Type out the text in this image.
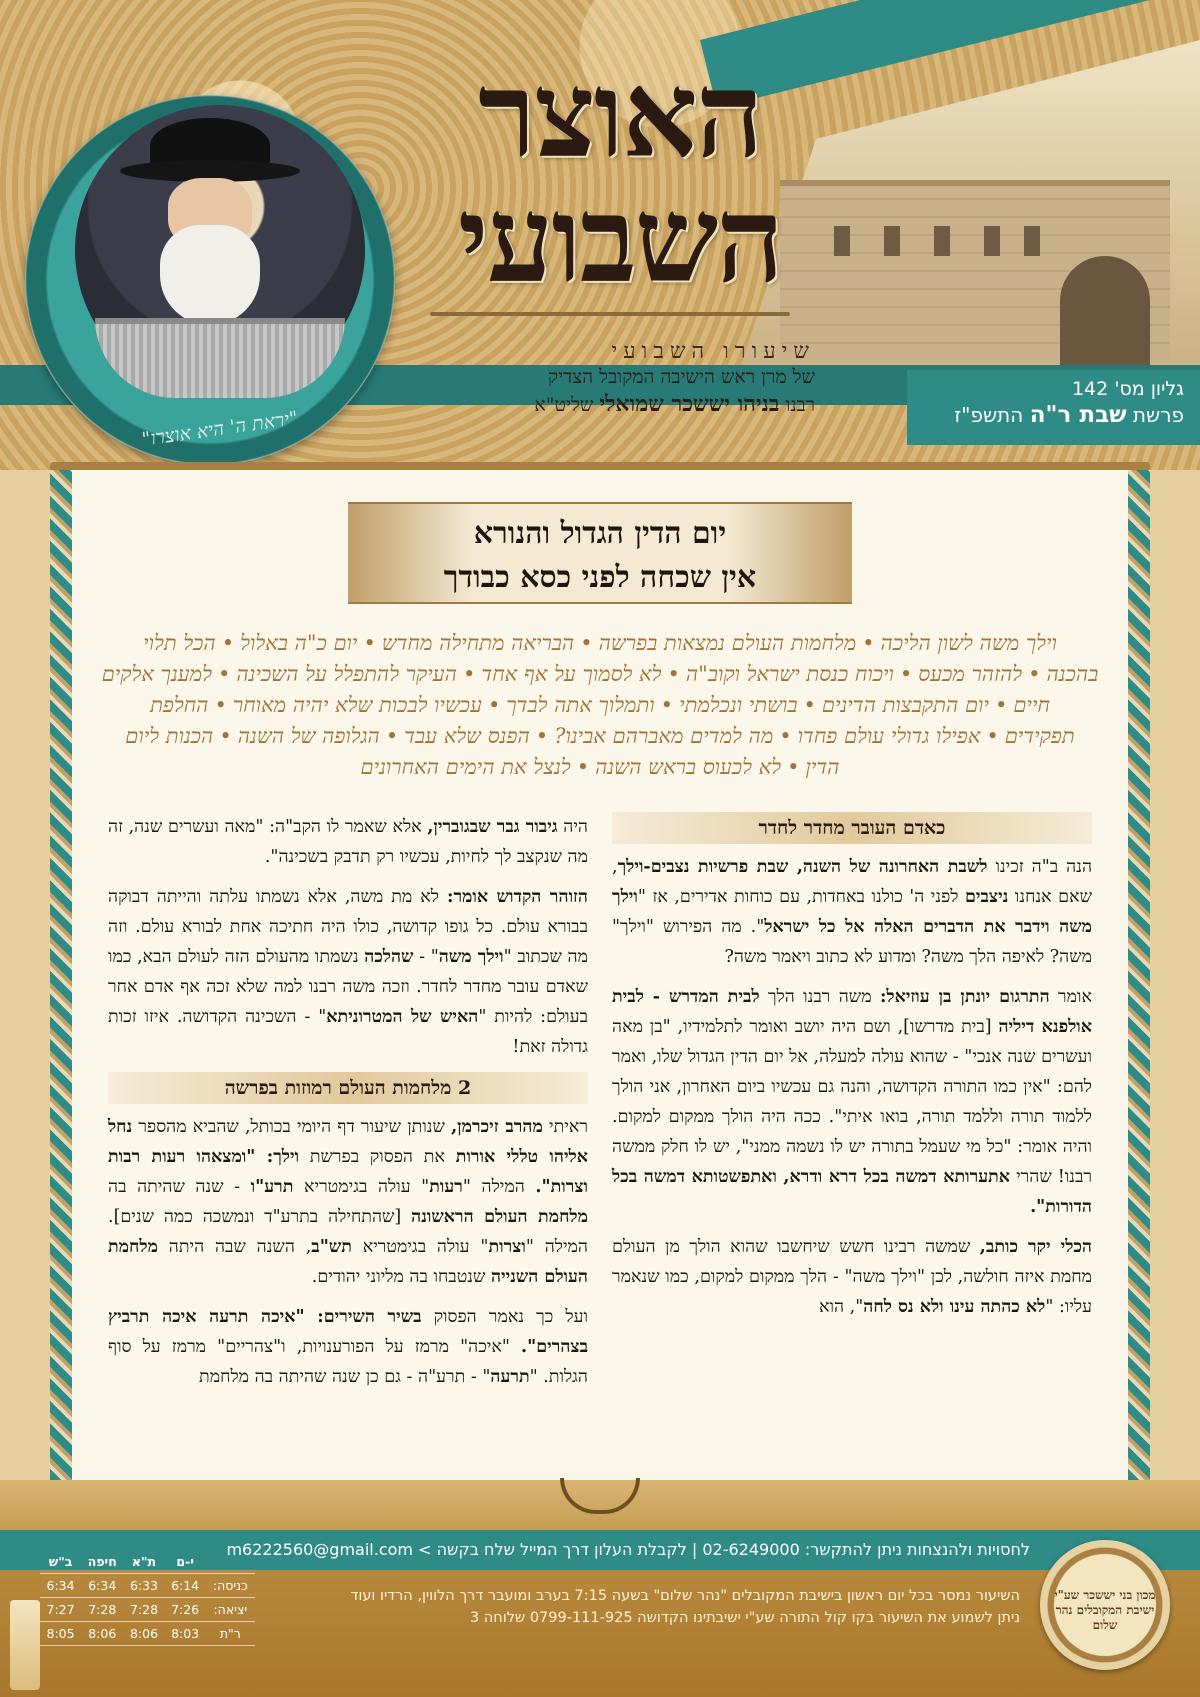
האוצר
השבועי
שיעורו השבועי
של מרן ראש הישיבה המקובל הצדיק
רבנו בניהו יששכר שמואלי שליט"א
גליון מס' 142
פרשת שבת ר"ה התשפ"ז
"יראת ה' היא אוצרו"
יום הדין הגדול והנורא
אין שכחה לפני כסא כבודך
וילך משה לשון הליכה•מלחמות העולם נמצאות בפרשה•הבריאה מתחילה מחדש•יום כ"ה באלול•הכל תלוי בהכנה•להזהר מכעס•ויכוח כנסת ישראל וקוב"ה•לא לסמוך על אף אחד•העיקר להתפלל על השכינה•למענך אלקים חיים•יום התקבצות הדינים•בושתי ונכלמתי•ותמלוך אתה לבדך•עכשיו לבכות שלא יהיה מאוחר•החלפת תפקידים•אפילו גדולי עולם פחדו•מה למדים מאברהם אבינו?•הפנס שלא עבד•הגלופה של השנה•הכנות ליום הדין•לא לכעוס בראש השנה•לנצל את הימים האחרונים
כאדם העובר מחדר לחדר

הנה ב"ה זכינו לשבת האחרונה של השנה, שבת פרשיות נצבים-וילך, שאם אנחנו ניצבים לפני ה' כולנו באחדות, עם כוחות אדירים, אז "וילך משה וידבר את הדברים האלה אל כל ישראל". מה הפירוש "וילך" משה? לאיפה הלך משה? ומדוע לא כתוב ויאמר משה?

אומר התרגום יונתן בן עוזיאל: משה רבנו הלך לבית המדרש - לבית אולפנא דיליה [בית מדרשו], ושם היה יושב ואומר לתלמידיו, "בן מאה ועשרים שנה אנכי" - שהוא עולה למעלה, אל יום הדין הגדול שלו, ואמר להם: "אין כמו התורה הקדושה, והנה גם עכשיו ביום האחרון, אני הולך ללמוד תורה וללמד תורה, בואו איתי". ככה היה הולך ממקום למקום. והיה אומר: "כל מי שעמל בתורה יש לו נשמה ממני", יש לו חלק ממשה רבנו! שהרי אתערותא דמשה בכל דרא ודרא, ואתפשטותא דמשה בכל הדורות".

הכלי יקר כותב, שמשה רבינו חשש שיחשבו שהוא הולך מן העולם מחמת איזה חולשה, לכן "וילך משה" - הלך ממקום למקום, כמו שנאמר עליו: "לא כהתה עינו ולא נס לחה", הוא

היה גיבור גבר שבגוברין, אלא שאמר לו הקב"ה: "מאה ועשרים שנה, זה מה שנקצב לך לחיות, עכשיו רק תדבק בשכינה".

הזוהר הקדוש אומר: לא מת משה, אלא נשמתו עלתה והייתה דבוקה בבורא עולם. כל גופו קדושה, כולו היה חתיכה אחת לבורא עולם. וזה מה שכתוב "וילך משה" - שהלכה נשמתו מהעולם הזה לעולם הבא, כמו שאדם עובר מחדר לחדר. וזכה משה רבנו למה שלא זכה אף אדם אחר בעולם: להיות "האיש של המטרוניתא" - השכינה הקדושה. איזו זכות גדולה זאת!

2 מלחמות העולם רמוזות בפרשה

ראיתי מהרב זיכרמן, שנותן שיעור דף היומי בכותל, שהביא מהספר נחל אליהו טללי אורות את הפסוק בפרשת וילך: "ומצאהו רעות רבות וצרות". המילה "רעות" עולה בגימטריא תרע"ו - שנה שהיתה בה מלחמת העולם הראשונה [שהתחילה בתרע"ד ונמשכה כמה שנים]. המילה "וצרות" עולה בגימטריא תש"ב, השנה שבה היתה מלחמת העולם השנייה שנטבחו בה מליוני יהודים.

ועל כך נאמר הפסוק בשיר השירים: "איכה תרעה איכה תרביץ בצהרים". "איכה" מרמז על הפורענויות, ו"צהריים" מרמז על סוף הגלות. "תרעה" - תרע"ה - גם כן שנה שהיתה בה מלחמת

לחסויות ולהנצחות ניתן להתקשר: 02-6249000 | לקבלת העלון דרך המייל שלח בקשה > m6222560@gmail.com
השיעור נמסר בכל יום ראשון בישיבת המקובלים "נהר שלום" בשעה 7:15 בערב ומועבר דרך הלווין, הרדיו ועוד
ניתן לשמוע את השיעור בקו קול התורה שע"י ישיבתינו הקדושה 0799-111-925 שלוחה 3
מכון בני יששכר שע"י ישיבת המקובלים נהר שלום
	י-ם	ת"א	חיפה	ב"ש
כניסה:	6:14	6:33	6:34	6:34
יציאה:	7:26	7:28	7:28	7:27
ר"ת	8:03	8:06	8:06	8:05
